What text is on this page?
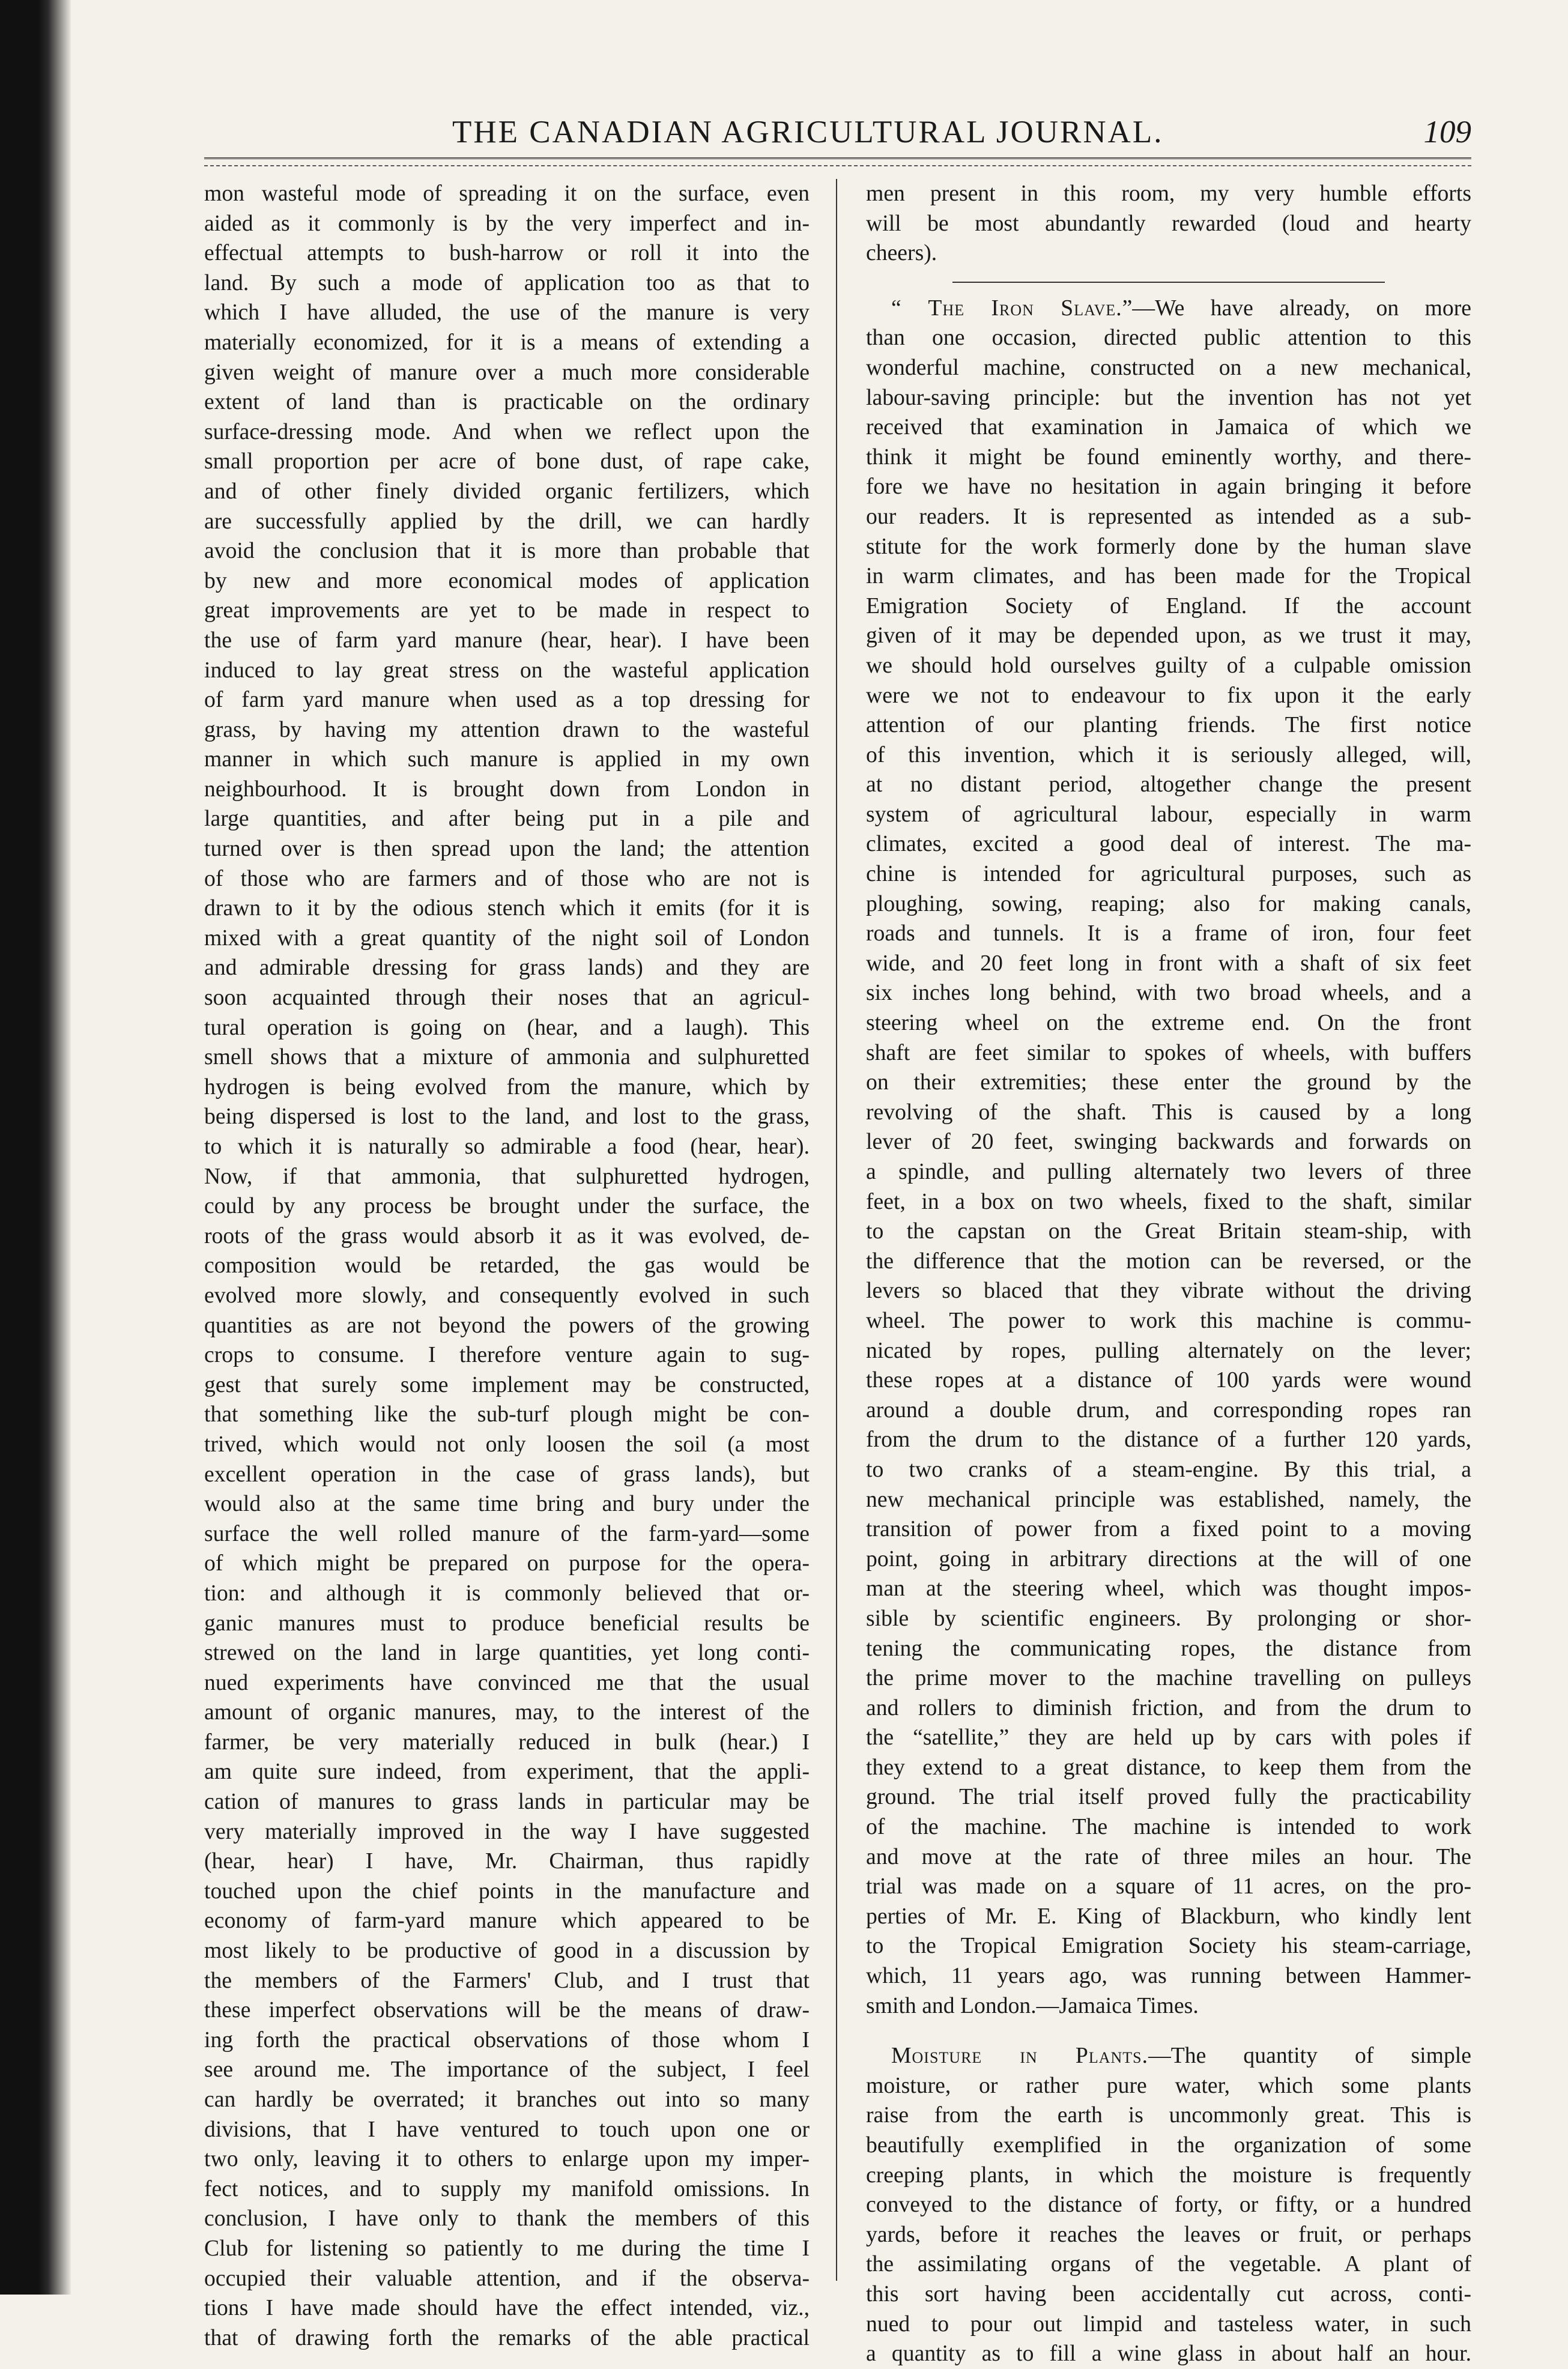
THE CANADIAN AGRICULTURAL JOURNAL.	109
mon wasteful mode of spreading it on the surface, even
aided as it commonly is by the very imperfect and in-
effectual attempts to bush-harrow or roll it into the
land. By such a mode of application too as that to
which I have alluded, the use of the manure is very
materially economized, for it is a means of extending a
given weight of manure over a much more considerable
extent of land than is practicable on the ordinary
surface-dressing mode. And when we reflect upon the
small proportion per acre of bone dust, of rape cake,
and of other finely divided organic fertilizers, which
are successfully applied by the drill, we can hardly
avoid the conclusion that it is more than probable that
by new and more economical modes of application
great improvements are yet to be made in respect to
the use of farm yard manure (hear, hear). I have been
induced to lay great stress on the wasteful application
of farm yard manure when used as a top dressing for
grass, by having my attention drawn to the wasteful
manner in which such manure is applied in my own
neighbourhood. It is brought down from London in
large quantities, and after being put in a pile and
turned over is then spread upon the land; the attention
of those who are farmers and of those who are not is
drawn to it by the odious stench which it emits (for it is
mixed with a great quantity of the night soil of London
and admirable dressing for grass lands) and they are
soon acquainted through their noses that an agricul-
tural operation is going on (hear, and a laugh). This
smell shows that a mixture of ammonia and sulphuretted
hydrogen is being evolved from the manure, which by
being dispersed is lost to the land, and lost to the grass,
to which it is naturally so admirable a food (hear, hear).
Now, if that ammonia, that sulphuretted hydrogen,
could by any process be brought under the surface, the
roots of the grass would absorb it as it was evolved, de-
composition would be retarded, the gas would be
evolved more slowly, and consequently evolved in such
quantities as are not beyond the powers of the growing
crops to consume. I therefore venture again to sug-
gest that surely some implement may be constructed,
that something like the sub-turf plough might be con-
trived, which would not only loosen the soil (a most
excellent operation in the case of grass lands), but
would also at the same time bring and bury under the
surface the well rolled manure of the farm-yard—some
of which might be prepared on purpose for the opera-
tion: and although it is commonly believed that or-
ganic manures must to produce beneficial results be
strewed on the land in large quantities, yet long conti-
nued experiments have convinced me that the usual
amount of organic manures, may, to the interest of the
farmer, be very materially reduced in bulk (hear.) I
am quite sure indeed, from experiment, that the appli-
cation of manures to grass lands in particular may be
very materially improved in the way I have suggested
(hear, hear) I have, Mr. Chairman, thus rapidly
touched upon the chief points in the manufacture and
economy of farm-yard manure which appeared to be
most likely to be productive of good in a discussion by
the members of the Farmers' Club, and I trust that
these imperfect observations will be the means of draw-
ing forth the practical observations of those whom I
see around me. The importance of the subject, I feel
can hardly be overrated; it branches out into so many
divisions, that I have ventured to touch upon one or
two only, leaving it to others to enlarge upon my imper-
fect notices, and to supply my manifold omissions. In
conclusion, I have only to thank the members of this
Club for listening so patiently to me during the time I
occupied their valuable attention, and if the observa-
tions I have made should have the effect intended, viz.,
that of drawing forth the remarks of the able practical
men present in this room, my very humble efforts
will be most abundantly rewarded (loud and hearty
cheers).
“ The Iron Slave.”—We have already, on more
than one occasion, directed public attention to this
wonderful machine, constructed on a new mechanical,
labour-saving principle: but the invention has not yet
received that examination in Jamaica of which we
think it might be found eminently worthy, and there-
fore we have no hesitation in again bringing it before
our readers. It is represented as intended as a sub-
stitute for the work formerly done by the human slave
in warm climates, and has been made for the Tropical
Emigration Society of England. If the account
given of it may be depended upon, as we trust it may,
we should hold ourselves guilty of a culpable omission
were we not to endeavour to fix upon it the early
attention of our planting friends. The first notice
of this invention, which it is seriously alleged, will,
at no distant period, altogether change the present
system of agricultural labour, especially in warm
climates, excited a good deal of interest. The ma-
chine is intended for agricultural purposes, such as
ploughing, sowing, reaping; also for making canals,
roads and tunnels. It is a frame of iron, four feet
wide, and 20 feet long in front with a shaft of six feet
six inches long behind, with two broad wheels, and a
steering wheel on the extreme end. On the front
shaft are feet similar to spokes of wheels, with buffers
on their extremities; these enter the ground by the
revolving of the shaft. This is caused by a long
lever of 20 feet, swinging backwards and forwards on
a spindle, and pulling alternately two levers of three
feet, in a box on two wheels, fixed to the shaft, similar
to the capstan on the Great Britain steam-ship, with
the difference that the motion can be reversed, or the
levers so blaced that they vibrate without the driving
wheel. The power to work this machine is commu-
nicated by ropes, pulling alternately on the lever;
these ropes at a distance of 100 yards were wound
around a double drum, and corresponding ropes ran
from the drum to the distance of a further 120 yards,
to two cranks of a steam-engine. By this trial, a
new mechanical principle was established, namely, the
transition of power from a fixed point to a moving
point, going in arbitrary directions at the will of one
man at the steering wheel, which was thought impos-
sible by scientific engineers. By prolonging or shor-
tening the communicating ropes, the distance from
the prime mover to the machine travelling on pulleys
and rollers to diminish friction, and from the drum to
the “satellite,” they are held up by cars with poles if
they extend to a great distance, to keep them from the
ground. The trial itself proved fully the practicability
of the machine. The machine is intended to work
and move at the rate of three miles an hour. The
trial was made on a square of 11 acres, on the pro-
perties of Mr. E. King of Blackburn, who kindly lent
to the Tropical Emigration Society his steam-carriage,
which, 11 years ago, was running between Hammer-
smith and London.—Jamaica Times.
Moisture in Plants.—The quantity of simple
moisture, or rather pure water, which some plants
raise from the earth is uncommonly great. This is
beautifully exemplified in the organization of some
creeping plants, in which the moisture is frequently
conveyed to the distance of forty, or fifty, or a hundred
yards, before it reaches the leaves or fruit, or perhaps
the assimilating organs of the vegetable. A plant of
this sort having been accidentally cut across, conti-
nued to pour out limpid and tasteless water, in such
a quantity as to fill a wine glass in about half an hour.
